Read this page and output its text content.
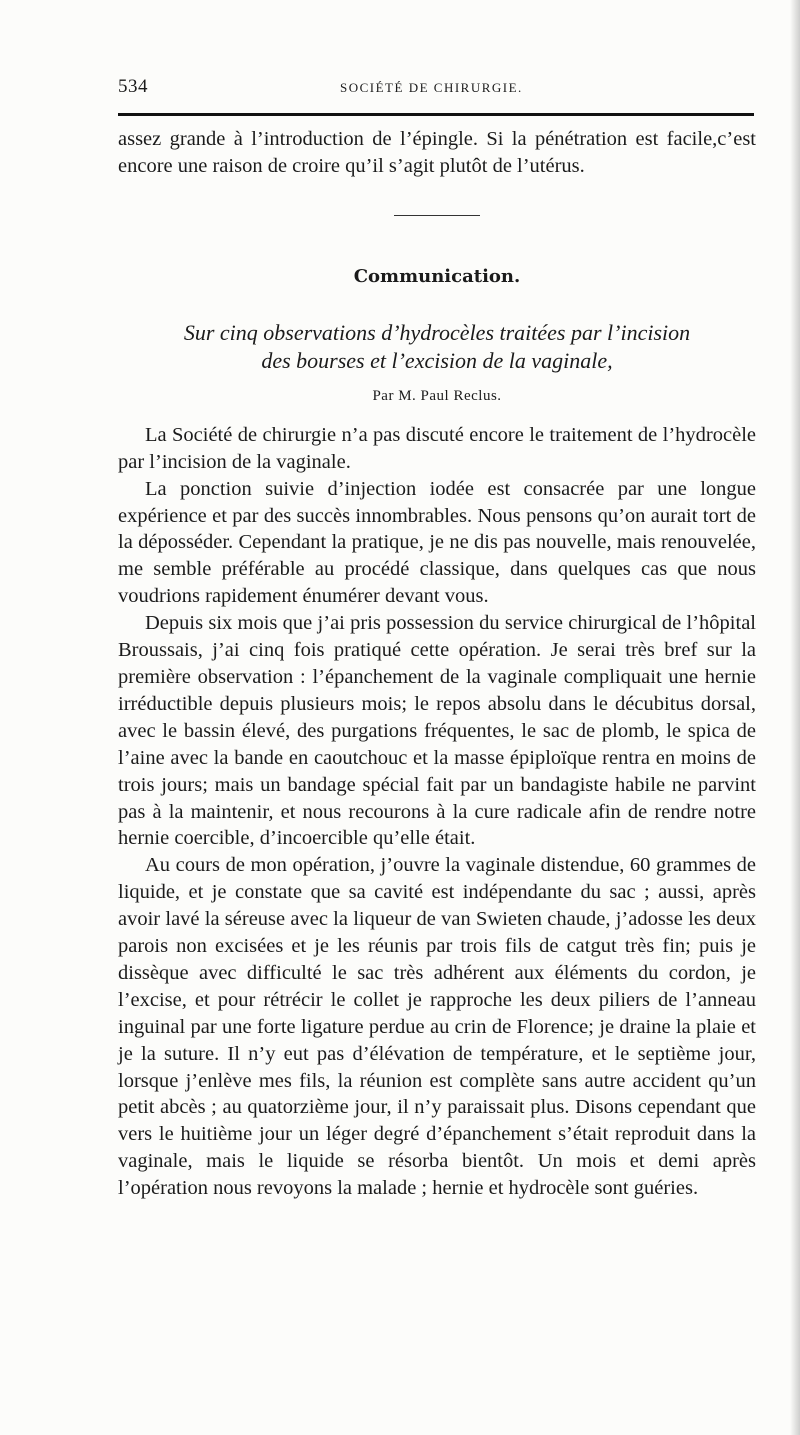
534	SOCIÉTÉ DE CHIRURGIE.

assez grande à l’introduction de l’épingle. Si la pénétration est facile,c’est encore une raison de croire qu’il s’agit plutôt de l’utérus.

Communication.
Sur cinq observations d’hydrocèles traitées par l’incision
des bourses et l’excision de la vaginale,
Par M. Paul Reclus.

La Société de chirurgie n’a pas discuté encore le traitement de l’hydrocèle par l’incision de la vaginale.

La ponction suivie d’injection iodée est consacrée par une longue expérience et par des succès innombrables. Nous pensons qu’on aurait tort de la déposséder. Cependant la pratique, je ne dis pas nouvelle, mais renouvelée, me semble préférable au procédé classique, dans quelques cas que nous voudrions rapidement énumérer devant vous.

Depuis six mois que j’ai pris possession du service chirurgical de l’hôpital Broussais, j’ai cinq fois pratiqué cette opération. Je serai très bref sur la première observation : l’épanchement de la vaginale compliquait une hernie irréductible depuis plusieurs mois; le repos absolu dans le décubitus dorsal, avec le bassin élevé, des purgations fréquentes, le sac de plomb, le spica de l’aine avec la bande en caoutchouc et la masse épiploïque rentra en moins de trois jours; mais un bandage spécial fait par un bandagiste habile ne parvint pas à la maintenir, et nous recourons à la cure radicale afin de rendre notre hernie coercible, d’incoercible qu’elle était.

Au cours de mon opération, j’ouvre la vaginale distendue, 60 grammes de liquide, et je constate que sa cavité est indépendante du sac ; aussi, après avoir lavé la séreuse avec la liqueur de van Swieten chaude, j’adosse les deux parois non excisées et je les réunis par trois fils de catgut très fin; puis je dissèque avec difficulté le sac très adhérent aux éléments du cordon, je l’excise, et pour rétrécir le collet je rapproche les deux piliers de l’anneau inguinal par une forte ligature perdue au crin de Florence; je draine la plaie et je la suture. Il n’y eut pas d’élévation de température, et le septième jour, lorsque j’enlève mes fils, la réunion est complète sans autre accident qu’un petit abcès ; au quatorzième jour, il n’y paraissait plus. Disons cependant que vers le huitième jour un léger degré d’épanchement s’était reproduit dans la vaginale, mais le liquide se résorba bientôt. Un mois et demi après l’opération nous revoyons la malade ; hernie et hydrocèle sont guéries.
